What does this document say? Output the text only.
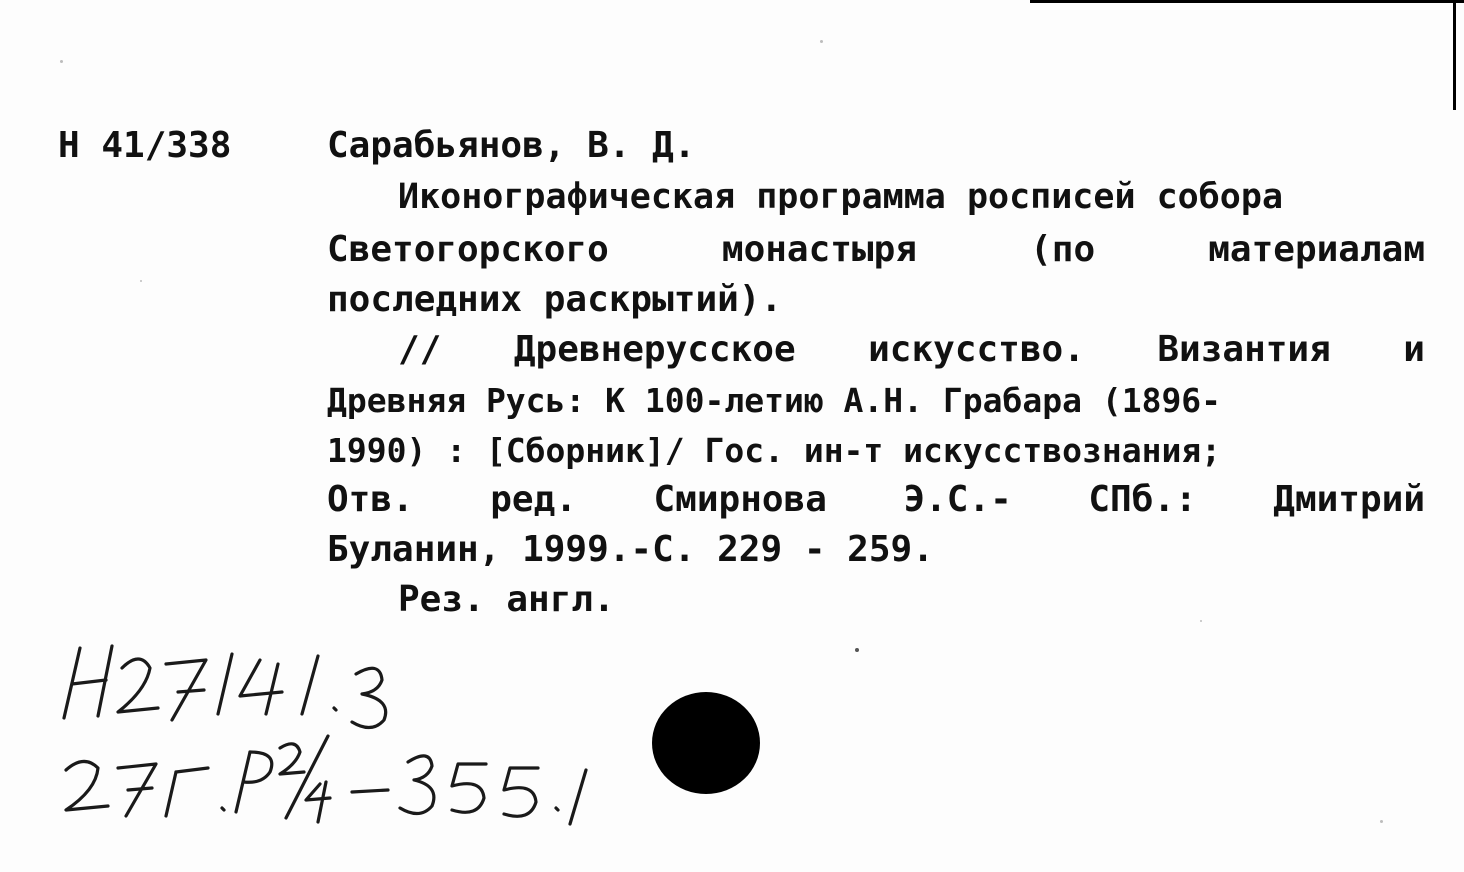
Н 41/338	Сарабьянов, В. Д.
Иконографическая программа росписей собора
Светогорского	монастыря	(по	материалам
последних раскрытий).
// Древнерусское искусство. Византия и
Древняя Русь: К 100-летию А.Н. Грабара (1896-
1990) : [Сборник]/ Гос. ин-т искусствознания;
Отв. ред. Смирнова Э.С.- СПб.: Дмитрий
Буланин, 1999.-С. 229 - 259.
Рез. англ.
